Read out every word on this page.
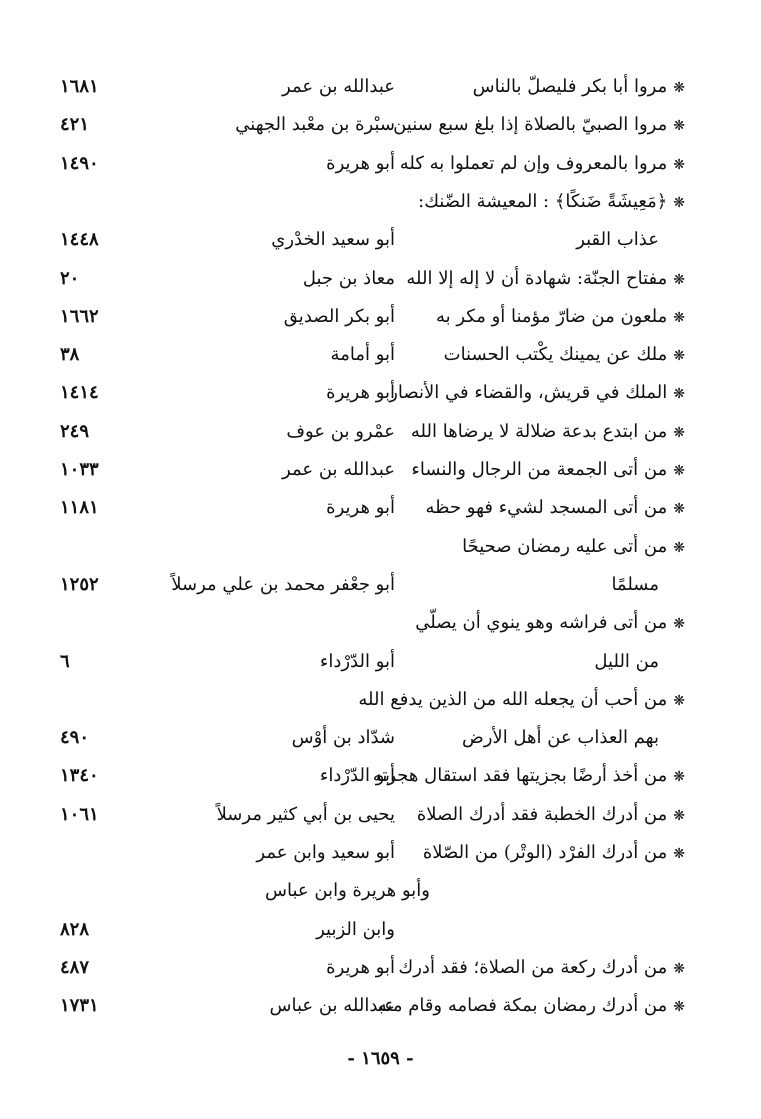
❋مروا أبا بكر فليصلّ بالناس
عبدالله بن عمر
١٦٨١
❋مروا الصبيّ بالصلاة إذا بلغ سبع سنين
سبْرة بن معْبد الجهني
٤٢١
❋مروا بالمعروف وإن لم تعملوا به كله
أبو هريرة
١٤٩٠
❋﴿مَعِيشَةً ضَنكًا﴾ : المعيشة الضّنك:
عذاب القبر
أبو سعيد الخدْري
١٤٤٨
❋مفتاح الجنّة: شهادة أن لا إله إلا الله
معاذ بن جبل
٢٠
❋ملعون من ضارّ مؤمنا أو مكر به
أبو بكر الصديق
١٦٦٢
❋ملك عن يمينك يكْتب الحسنات
أبو أمامة
٣٨
❋الملك في قريش، والقضاء في الأنصار
أبو هريرة
١٤١٤
❋من ابتدع بدعة ضلالة لا يرضاها الله
عمْرو بن عوف
٢٤٩
❋من أتى الجمعة من الرجال والنساء
عبدالله بن عمر
١٠٣٣
❋من أتى المسجد لشيء فهو حظه
أبو هريرة
١١٨١
❋من أتى عليه رمضان صحيحًا
مسلمًا
أبو جعْفر محمد بن علي مرسلاً
١٢٥٢
❋من أتى فراشه وهو ينوي أن يصلّي
من الليل
أبو الدّرْداء
٦
❋من أحب أن يجعله الله من الذين يدفع الله
بهم العذاب عن أهل الأرض
شدّاد بن أوْس
٤٩٠
❋من أخذ أرضًا بجزيتها فقد استقال هجرته
أبو الدّرْداء
١٣٤٠
❋من أدرك الخطبة فقد أدرك الصلاة
يحيى بن أبي كثير مرسلاً
١٠٦١
❋من أدرك الفرْد (الوتْر) من الصّلاة
أبو سعيد وابن عمر
وأبو هريرة وابن عباس
وابن الزبير
٨٢٨
❋من أدرك ركعة من الصلاة؛ فقد أدرك
أبو هريرة
٤٨٧
❋من أدرك رمضان بمكة فصامه وقام منه
عبدالله بن عباس
١٧٣١
- ١٦٥٩ -
